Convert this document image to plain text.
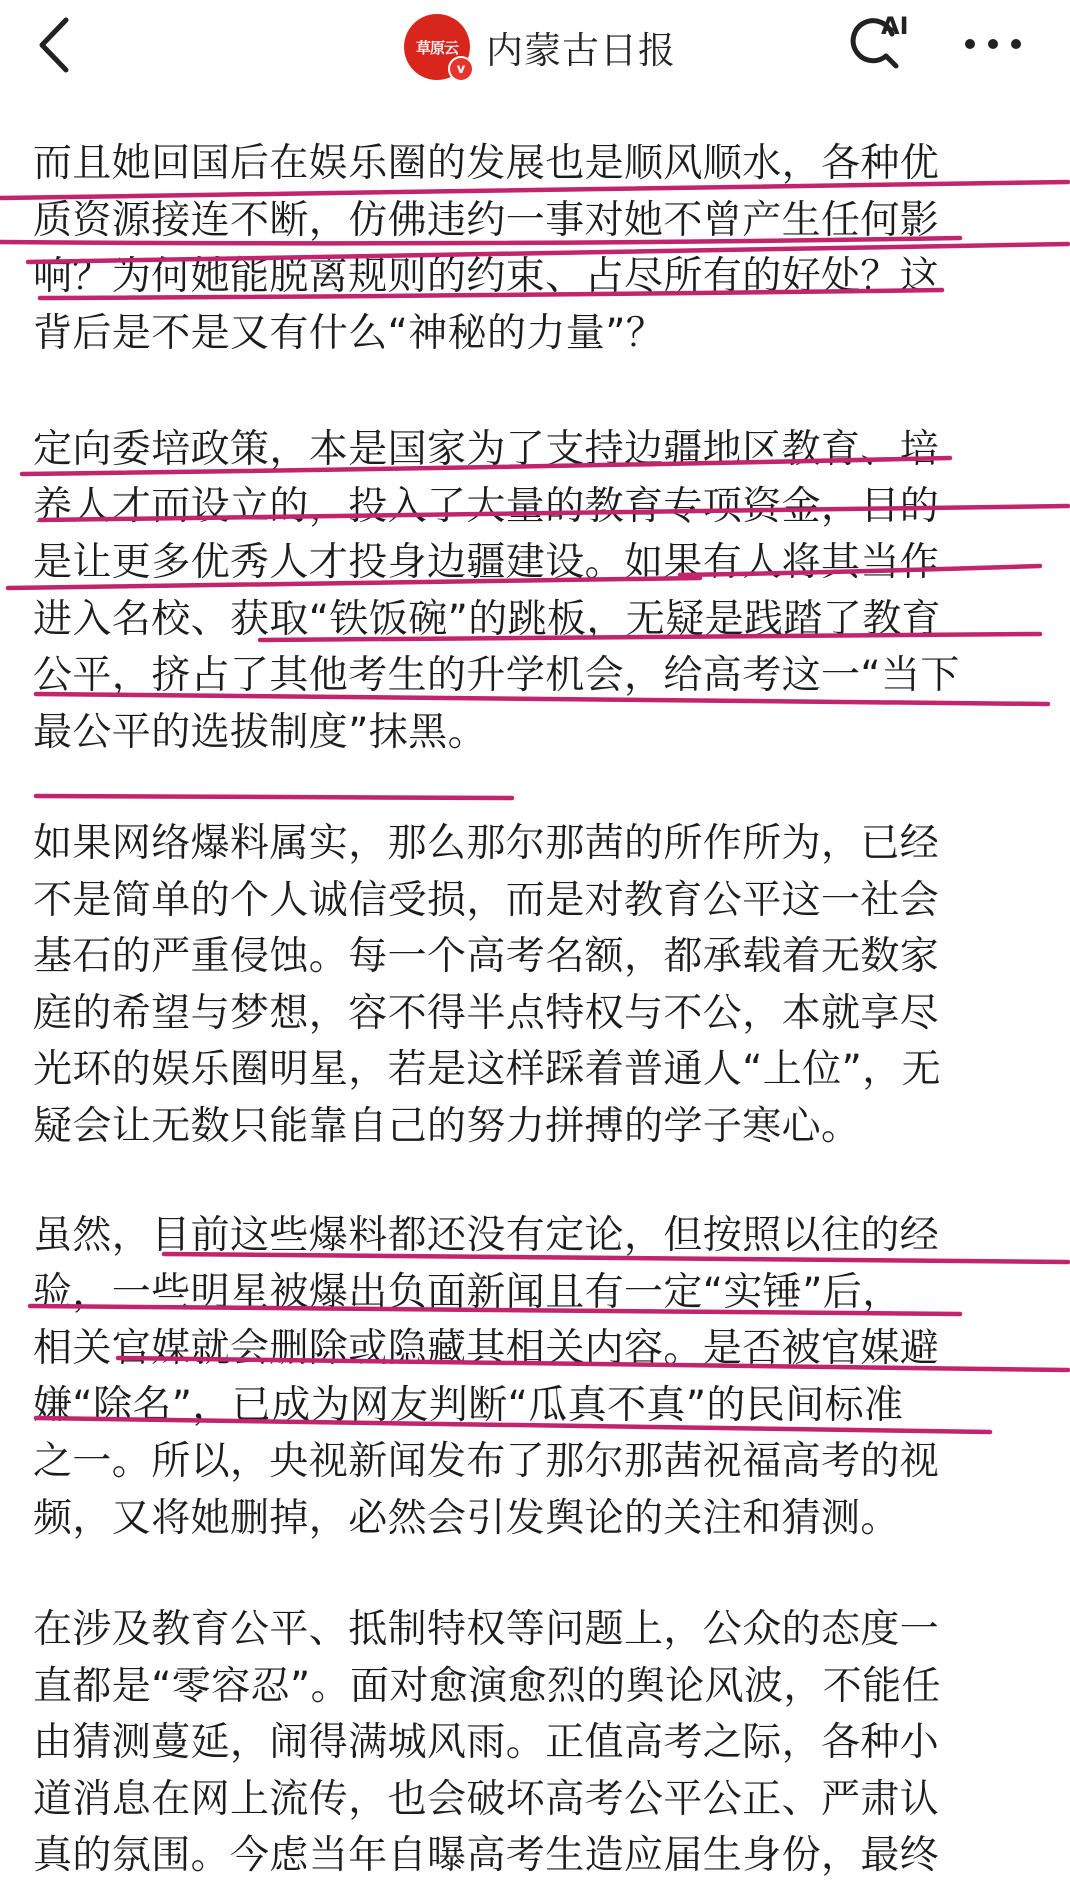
草原云
v 内蒙古日报
AI

而且她回国后在娱乐圈的发展也是顺风顺水，各种优
质资源接连不断，仿佛违约一事对她不曾产生任何影
响？为何她能脱离规则的约束、占尽所有的好处？这
背后是不是又有什么“神秘的力量”？

定向委培政策，本是国家为了支持边疆地区教育、培
养人才而设立的，投入了大量的教育专项资金，目的
是让更多优秀人才投身边疆建设。如果有人将其当作
进入名校、获取“铁饭碗”的跳板，无疑是践踏了教育
公平，挤占了其他考生的升学机会，给高考这一“当下
最公平的选拔制度”抹黑。

如果网络爆料属实，那么那尔那茜的所作所为，已经
不是简单的个人诚信受损，而是对教育公平这一社会
基石的严重侵蚀。每一个高考名额，都承载着无数家
庭的希望与梦想，容不得半点特权与不公，本就享尽
光环的娱乐圈明星，若是这样踩着普通人“上位”，无
疑会让无数只能靠自己的努力拼搏的学子寒心。

虽然，目前这些爆料都还没有定论，但按照以往的经
验，一些明星被爆出负面新闻且有一定“实锤”后，
相关官媒就会删除或隐藏其相关内容。是否被官媒避
嫌“除名”，已成为网友判断“瓜真不真”的民间标准
之一。所以，央视新闻发布了那尔那茜祝福高考的视
频，又将她删掉，必然会引发舆论的关注和猜测。

在涉及教育公平、抵制特权等问题上，公众的态度一
直都是“零容忍”。面对愈演愈烈的舆论风波，不能任
由猜测蔓延，闹得满城风雨。正值高考之际，各种小
道消息在网上流传，也会破坏高考公平公正、严肃认
真的氛围。今虑当年自曝高考生造应届生身份，最终
